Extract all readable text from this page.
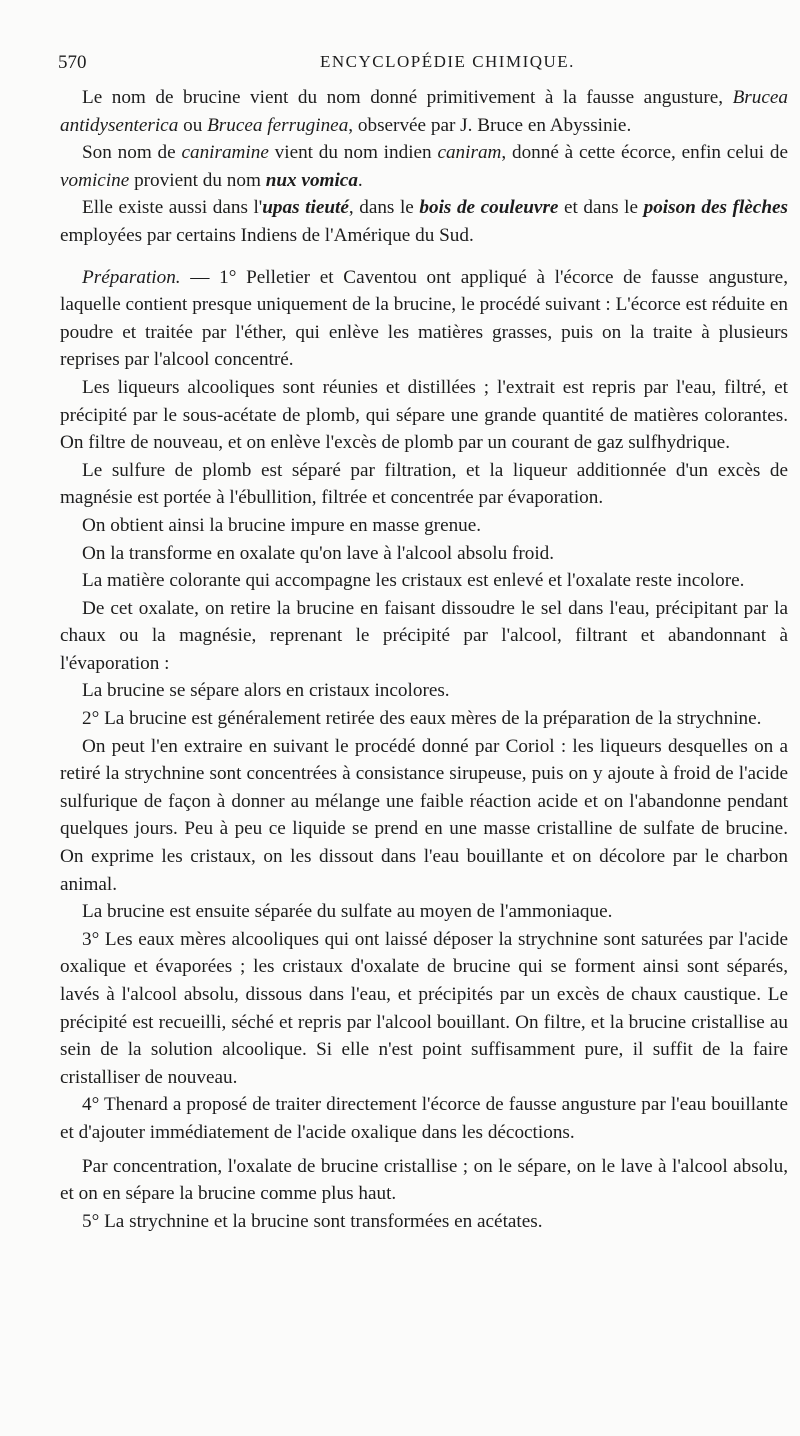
570	ENCYCLOPÉDIE CHIMIQUE.

Le nom de brucine vient du nom donné primitivement à la fausse angusture, Brucea antidysenterica ou Brucea ferruginea, observée par J. Bruce en Abyssinie.

Son nom de caniramine vient du nom indien caniram, donné à cette écorce, enfin celui de vomicine provient du nom nux vomica.

Elle existe aussi dans l'upas tieuté, dans le bois de couleuvre et dans le poison des flèches employées par certains Indiens de l'Amérique du Sud.

Préparation. — 1° Pelletier et Caventou ont appliqué à l'écorce de fausse angusture, laquelle contient presque uniquement de la brucine, le procédé suivant : L'écorce est réduite en poudre et traitée par l'éther, qui enlève les matières grasses, puis on la traite à plusieurs reprises par l'alcool concentré.

Les liqueurs alcooliques sont réunies et distillées ; l'extrait est repris par l'eau, filtré, et précipité par le sous-acétate de plomb, qui sépare une grande quantité de matières colorantes. On filtre de nouveau, et on enlève l'excès de plomb par un courant de gaz sulfhydrique.

Le sulfure de plomb est séparé par filtration, et la liqueur additionnée d'un excès de magnésie est portée à l'ébullition, filtrée et concentrée par évaporation.

On obtient ainsi la brucine impure en masse grenue.

On la transforme en oxalate qu'on lave à l'alcool absolu froid.

La matière colorante qui accompagne les cristaux est enlevé et l'oxalate reste incolore.

De cet oxalate, on retire la brucine en faisant dissoudre le sel dans l'eau, précipitant par la chaux ou la magnésie, reprenant le précipité par l'alcool, filtrant et abandonnant à l'évaporation :

La brucine se sépare alors en cristaux incolores.

2° La brucine est généralement retirée des eaux mères de la préparation de la strychnine.

On peut l'en extraire en suivant le procédé donné par Coriol : les liqueurs desquelles on a retiré la strychnine sont concentrées à consistance sirupeuse, puis on y ajoute à froid de l'acide sulfurique de façon à donner au mélange une faible réaction acide et on l'abandonne pendant quelques jours. Peu à peu ce liquide se prend en une masse cristalline de sulfate de brucine. On exprime les cristaux, on les dissout dans l'eau bouillante et on décolore par le charbon animal.

La brucine est ensuite séparée du sulfate au moyen de l'ammoniaque.

3° Les eaux mères alcooliques qui ont laissé déposer la strychnine sont saturées par l'acide oxalique et évaporées ; les cristaux d'oxalate de brucine qui se forment ainsi sont séparés, lavés à l'alcool absolu, dissous dans l'eau, et précipités par un excès de chaux caustique. Le précipité est recueilli, séché et repris par l'alcool bouillant. On filtre, et la brucine cristallise au sein de la solution alcoolique. Si elle n'est point suffisamment pure, il suffit de la faire cristalliser de nouveau.

4° Thenard a proposé de traiter directement l'écorce de fausse angusture par l'eau bouillante et d'ajouter immédiatement de l'acide oxalique dans les décoctions.

Par concentration, l'oxalate de brucine cristallise ; on le sépare, on le lave à l'alcool absolu, et on en sépare la brucine comme plus haut.

5° La strychnine et la brucine sont transformées en acétates.
